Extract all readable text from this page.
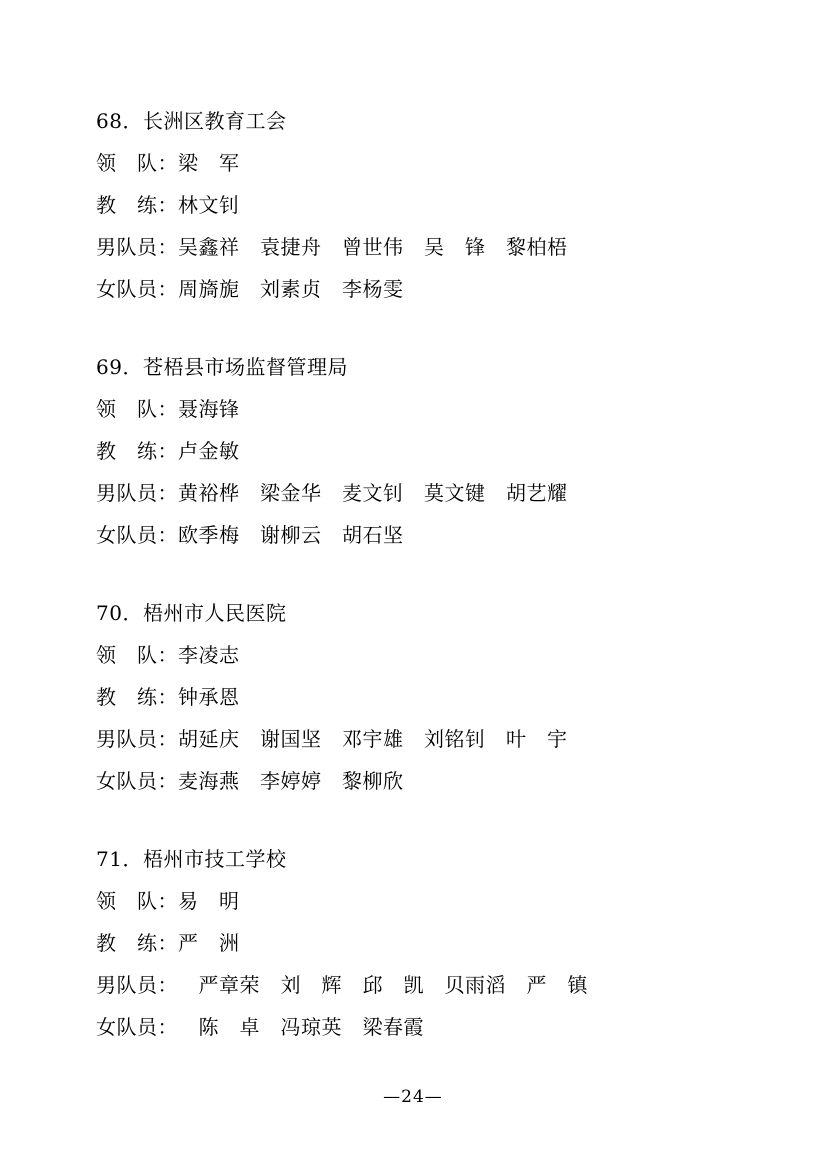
68．长洲区教育工会
领　队：梁　军
教　练：林文钊
男队员：吴鑫祥　袁捷舟　曾世伟　吴　锋　黎柏梧
女队员：周旖旎　刘素贞　李杨雯
69．苍梧县市场监督管理局
领　队：聂海锋
教　练：卢金敏
男队员：黄裕桦　梁金华　麦文钊　莫文键　胡艺耀
女队员：欧季梅　谢柳云　胡石坚
70．梧州市人民医院
领　队：李凌志
教　练：钟承恩
男队员：胡延庆　谢国坚　邓宇雄　刘铭钊　叶　宇
女队员：麦海燕　李婷婷　黎柳欣
71．梧州市技工学校
领　队：易　明
教　练：严　洲
男队员：　严章荣　刘　辉　邱　凯　贝雨滔　严　镇
女队员：　陈　卓　冯琼英　梁春霞
—24—
